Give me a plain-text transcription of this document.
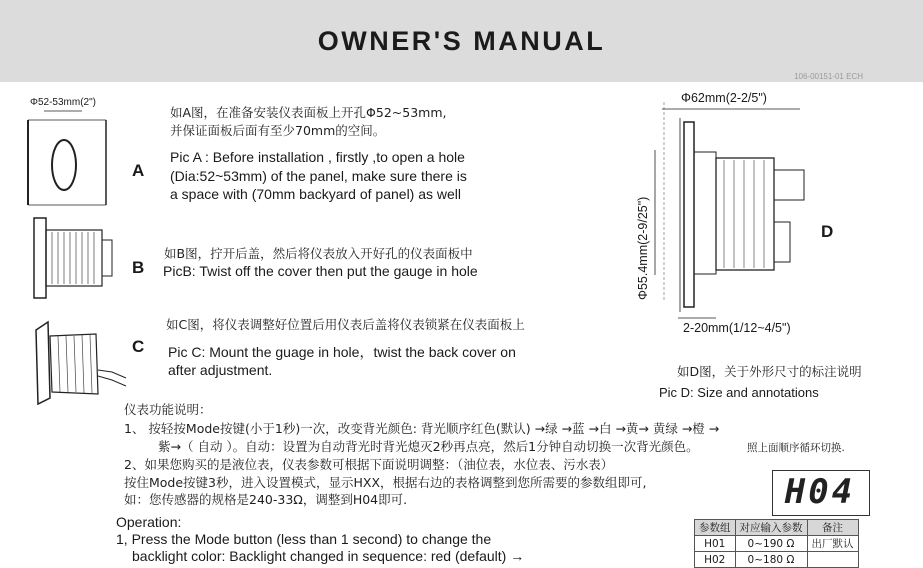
OWNER'S MANUAL
106-00151-01 ECH
Φ52-53mm(2")
A
如A图，在准备安装仪表面板上开孔Φ52~53mm,
并保证面板后面有至少70mm的空间。
Pic A : Before installation , firstly ,to open a hole
(Dia:52~53mm) of the panel, make sure there is
a space with (70mm backyard of panel) as well
B
如B图，拧开后盖，然后将仪表放入开好孔的仪表面板中
PicB: Twist off the cover then put the gauge in hole
C
如C图，将仪表调整好位置后用仪表后盖将仪表锁紧在仪表面板上
Pic C: Mount the guage in hole，twist the back cover on
after adjustment.
Φ62mm(2-2/5")
Φ55.4mm(2-9/25")	D
2-20mm(1/12~4/5")
如D图，关于外形尺寸的标注说明
Pic D: Size and annotations
仪表功能说明：
1、 按轻按Mode按键(小于1秒)一次，改变背光颜色: 背光顺序红色(默认) →绿 →蓝 →白 →黄→ 黄绿 →橙 →
紫→（ 自动 ）。自动：设置为自动背光时背光熄灭2秒再点亮，然后1分钟自动切换一次背光颜色。	照上面顺序循环切换.
2、如果您购买的是液位表，仪表参数可根据下面说明调整：（油位表，水位表、污水表）
按住Mode按键3秒，进入设置模式，显示HXX，根据右边的表格调整到您所需要的参数组即可,
如：您传感器的规格是240-33Ω，调整到H04即可.
Operation:
1, Press the Mode button (less than 1 second) to change the
backlight color: Backlight changed in sequence: red (default) →
H04
参数组	对应输入参数	备注
H01	0~190 Ω	出厂默认
H02	0~180 Ω	
